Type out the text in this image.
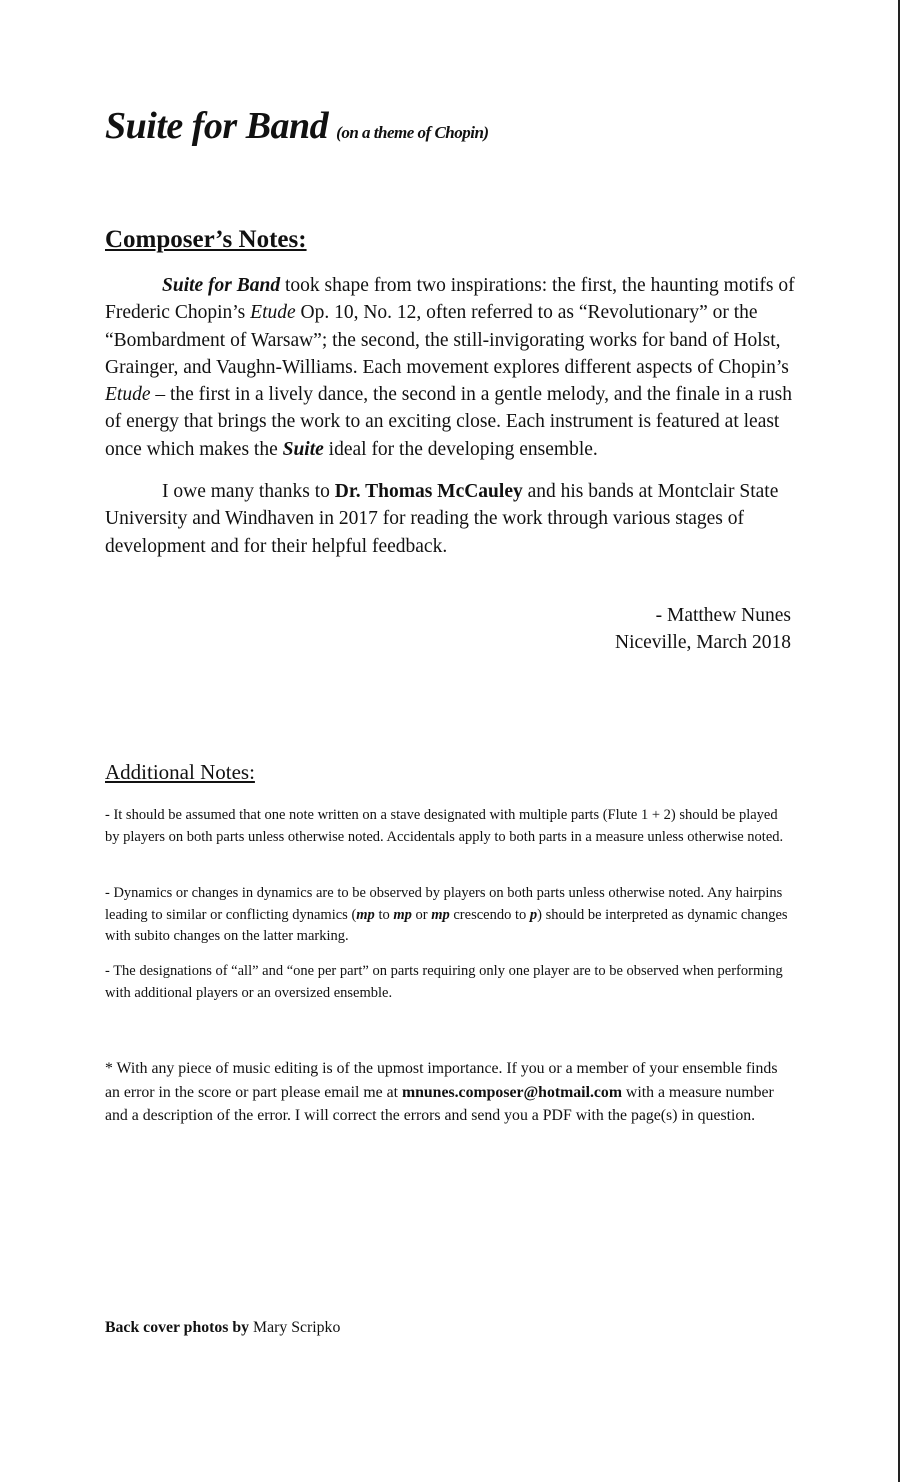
Suite for Band (on a theme of Chopin)
Composer’s Notes:

Suite for Band took shape from two inspirations: the first, the haunting motifs of Frederic Chopin’s Etude Op. 10, No. 12, often referred to as “Revolutionary” or the “Bombardment of Warsaw”; the second, the still-invigorating works for band of Holst, Grainger, and Vaughn-Williams. Each movement explores different aspects of Chopin’s Etude – the first in a lively dance, the second in a gentle melody, and the finale in a rush of energy that brings the work to an exciting close. Each instrument is featured at least once which makes the Suite ideal for the developing ensemble.

I owe many thanks to Dr. Thomas McCauley and his bands at Montclair State University and Windhaven in 2017 for reading the work through various stages of development and for their helpful feedback.

- Matthew Nunes
Niceville, March 2018
Additional Notes:
- It should be assumed that one note written on a stave designated with multiple parts (Flute 1 + 2) should be played by players on both parts unless otherwise noted. Accidentals apply to both parts in a measure unless otherwise noted.
- Dynamics or changes in dynamics are to be observed by players on both parts unless otherwise noted. Any hairpins leading to similar or conflicting dynamics (mp to mp or mp crescendo to p) should be interpreted as dynamic changes with subito changes on the latter marking.
- The designations of “all” and “one per part” on parts requiring only one player are to be observed when performing with additional players or an oversized ensemble.
* With any piece of music editing is of the upmost importance. If you or a member of your ensemble finds an error in the score or part please email me at mnunes.composer@hotmail.com with a measure number and a description of the error. I will correct the errors and send you a PDF with the page(s) in question.
Back cover photos by Mary Scripko
